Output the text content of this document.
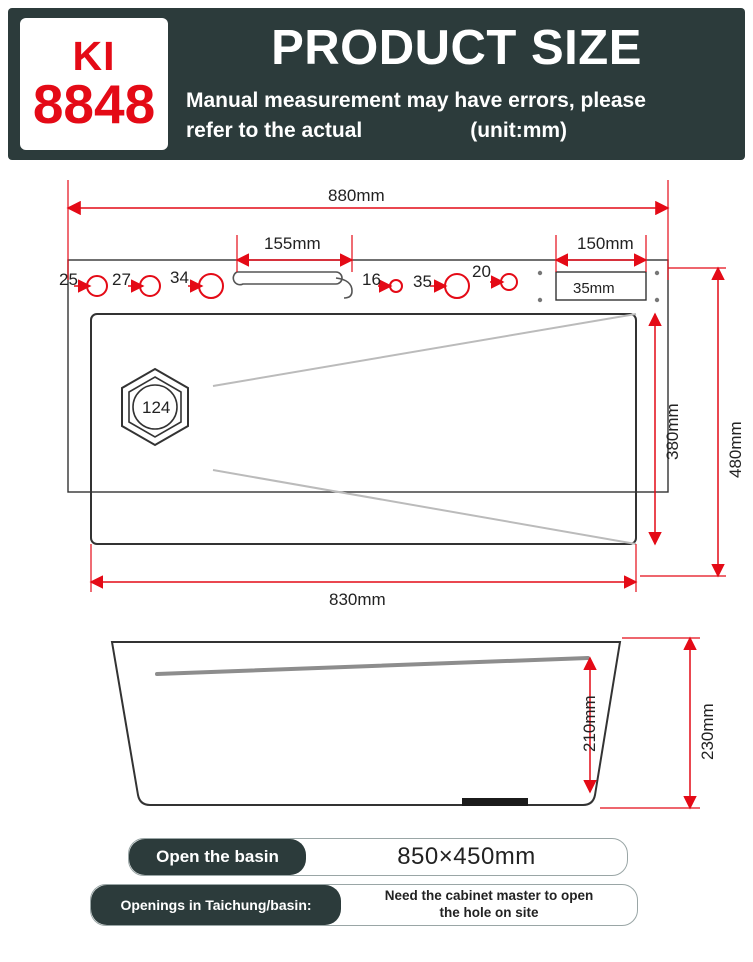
KI
8848
PRODUCT SIZE
Manual measurement may have errors, please
refer to the actual	(unit:mm)
880mm
155mm	150mm
35mm
25 27 34	16 35
20
124	380mm	480mm
830mm
210mm	230mm
Open the basin	850×450mm
Openings in Taichung/basin:
Need the cabinet master to open
the hole on site
